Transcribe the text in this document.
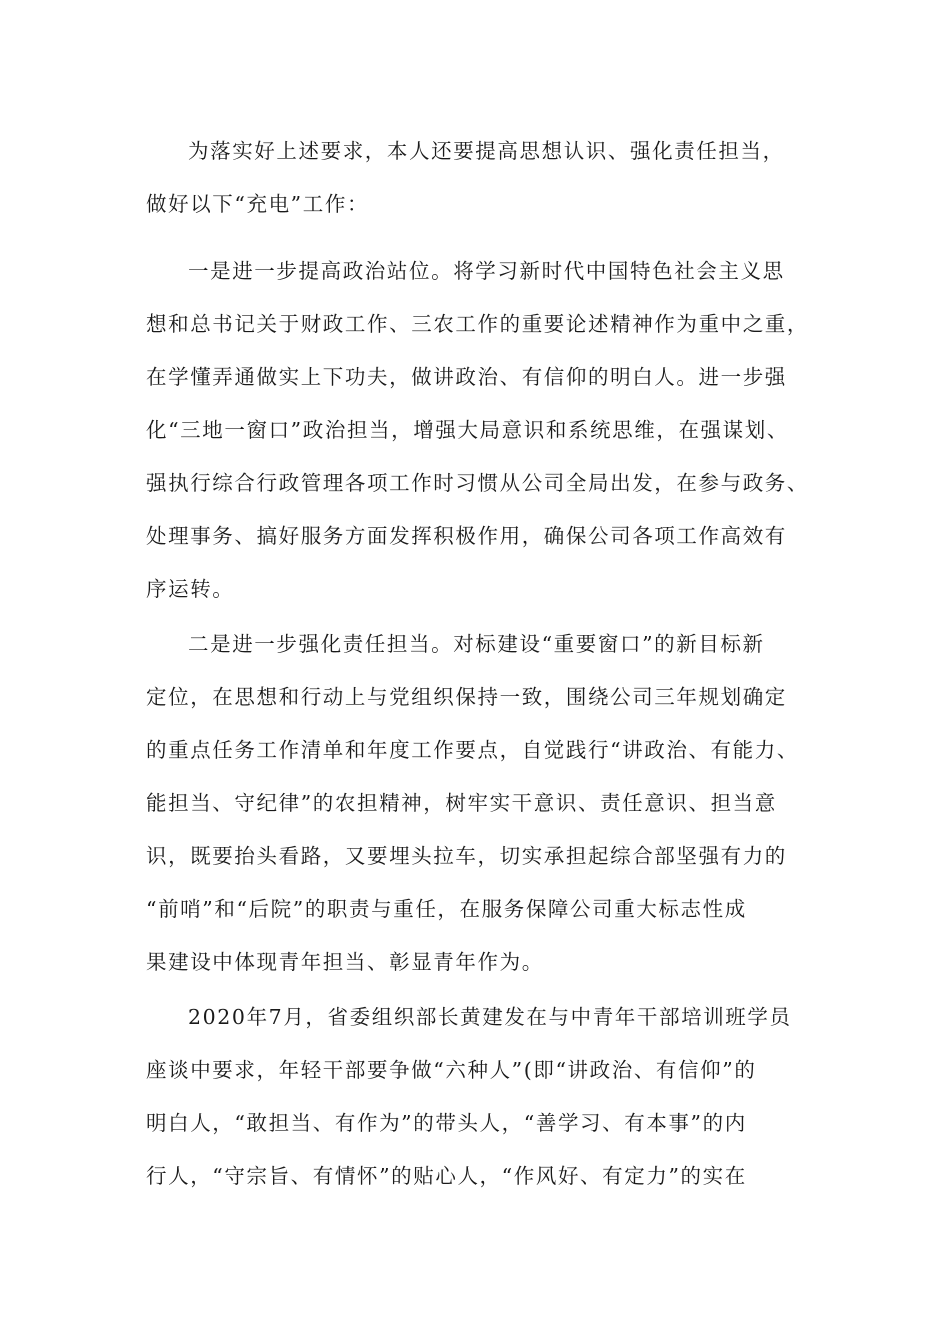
为落实好上述要求，本人还要提高思想认识、强化责任担当，
做好以下“充电”工作：
一是进一步提高政治站位。将学习新时代中国特色社会主义思
想和总书记关于财政工作、三农工作的重要论述精神作为重中之重，
在学懂弄通做实上下功夫，做讲政治、有信仰的明白人。进一步强
化“三地一窗口”政治担当，增强大局意识和系统思维，在强谋划、
强执行综合行政管理各项工作时习惯从公司全局出发，在参与政务、
处理事务、搞好服务方面发挥积极作用，确保公司各项工作高效有
序运转。
二是进一步强化责任担当。对标建设“重要窗口”的新目标新
定位，在思想和行动上与党组织保持一致，围绕公司三年规划确定
的重点任务工作清单和年度工作要点，自觉践行“讲政治、有能力、
能担当、守纪律”的农担精神，树牢实干意识、责任意识、担当意
识，既要抬头看路，又要埋头拉车，切实承担起综合部坚强有力的
“前哨”和“后院”的职责与重任，在服务保障公司重大标志性成
果建设中体现青年担当、彰显青年作为。
2020年7月，省委组织部长黄建发在与中青年干部培训班学员
座谈中要求，年轻干部要争做“六种人”(即“讲政治、有信仰”的
明白人，“敢担当、有作为”的带头人，“善学习、有本事”的内
行人，“守宗旨、有情怀”的贴心人，“作风好、有定力”的实在
